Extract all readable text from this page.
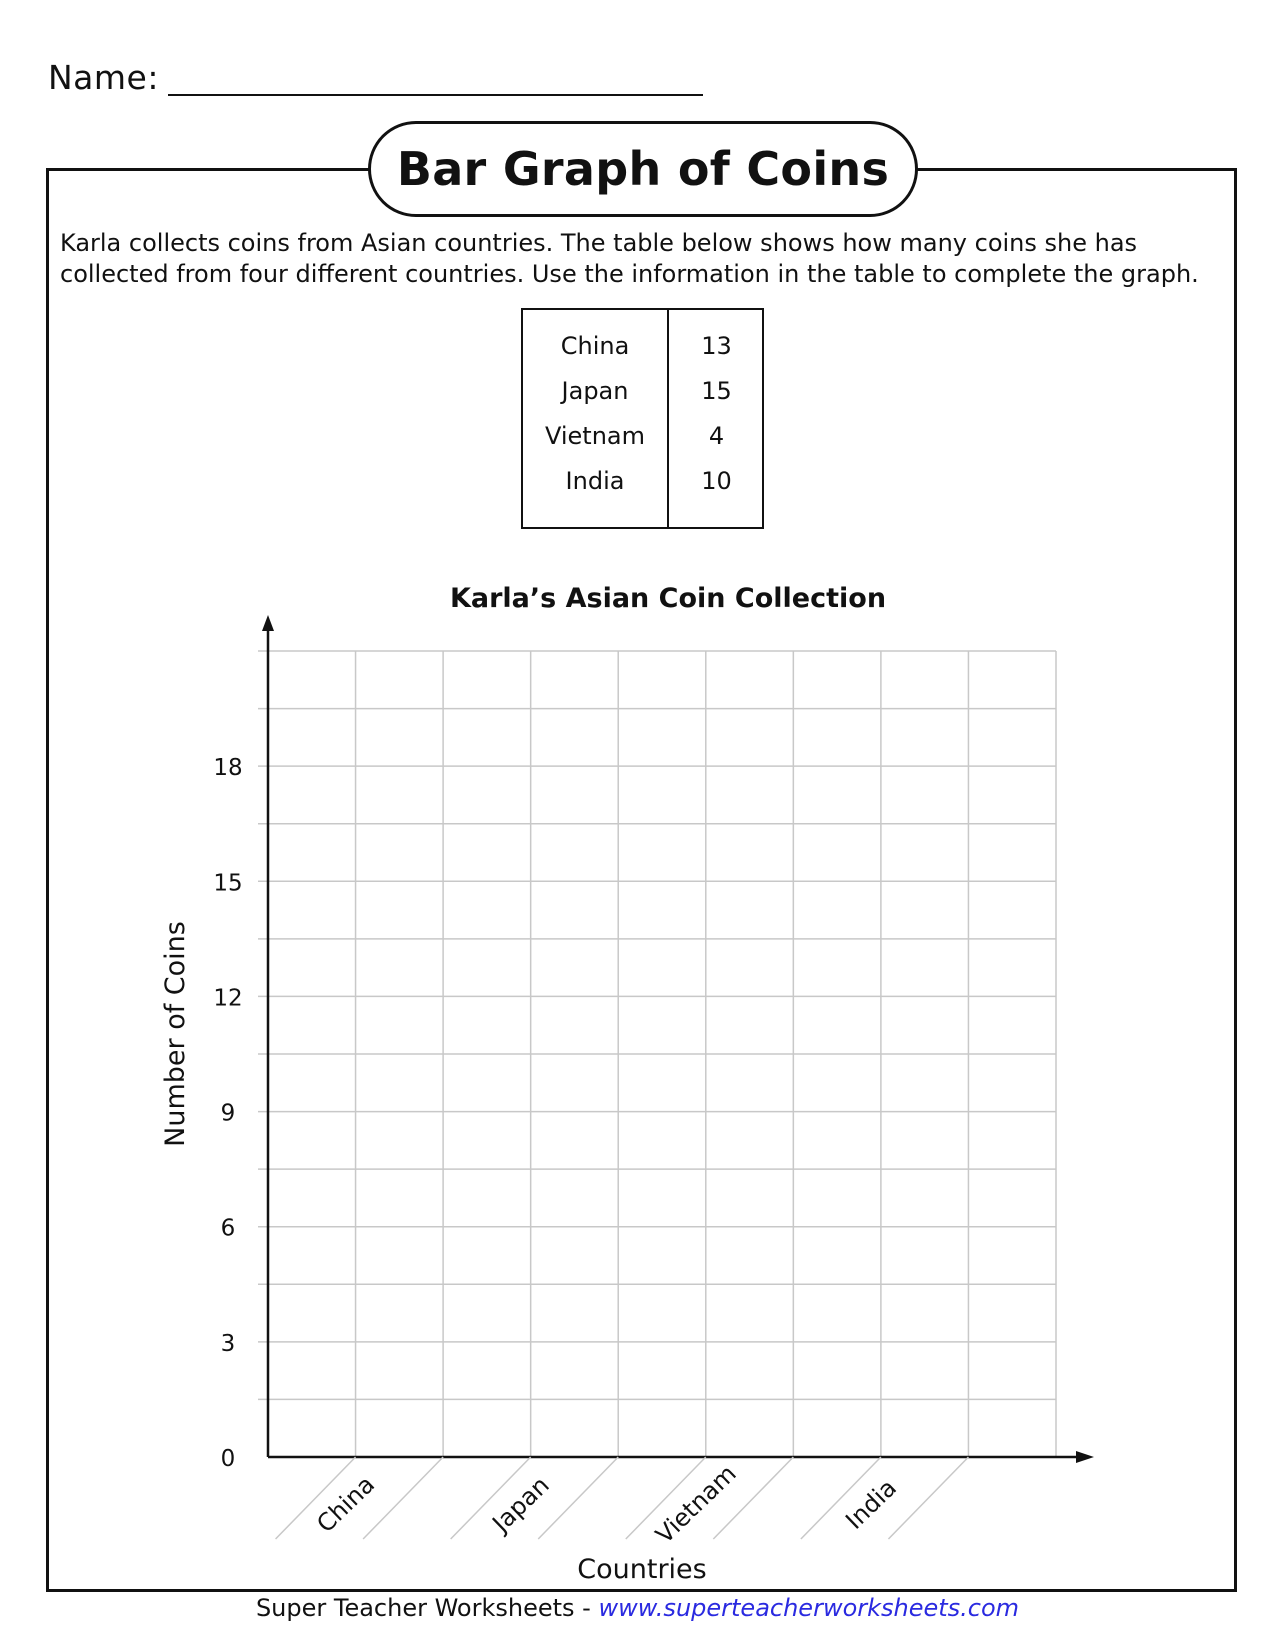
Name:
Bar Graph of Coins

Karla collects coins from Asian countries. The table below shows how many coins she has collected from four different countries. Use the information in the table to complete the graph.

China	13
Japan	15
Vietnam	4
India	10
Karla’s Asian Coin Collection
Number of Coins
Countries
0
3
6
9
12
15
18
China	Japan	Vietnam	India
Super Teacher Worksheets - www.superteacherworksheets.com
